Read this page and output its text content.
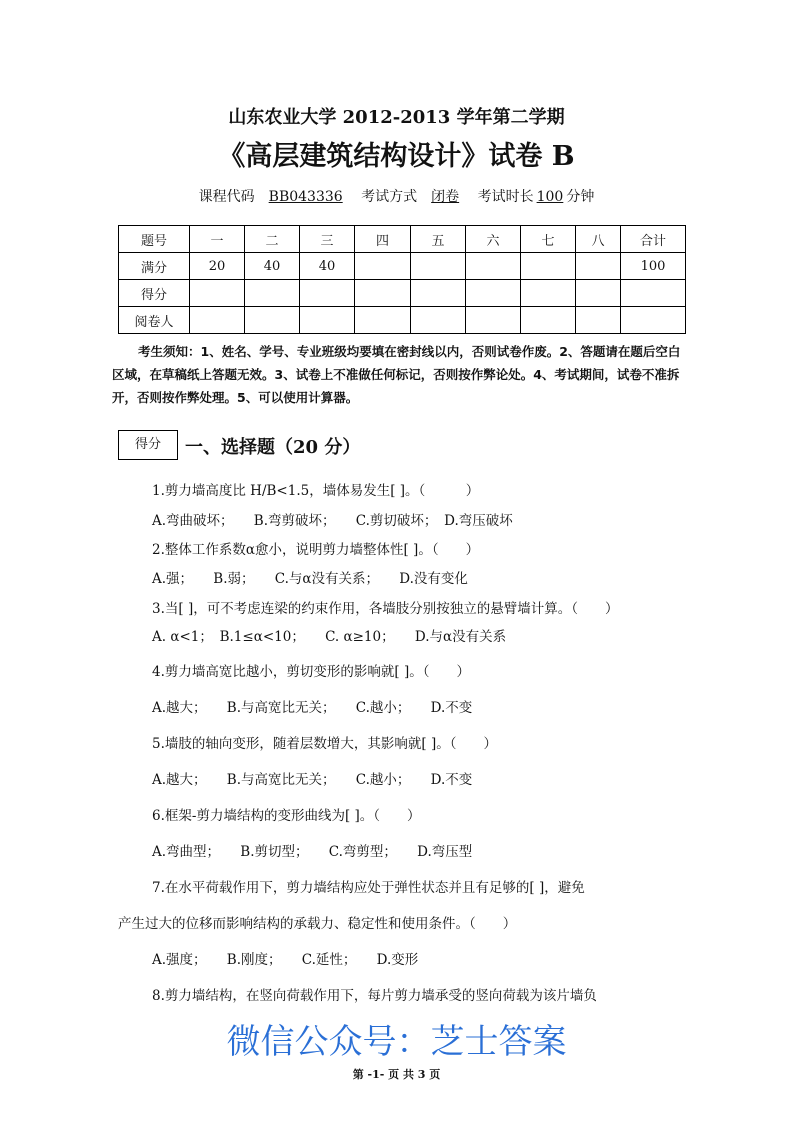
山东农业大学 2012-2013 学年第二学期
《高层建筑结构设计》试卷 B
课程代码 BB043336 考试方式 闭卷 考试时长 100 分钟
题号	一	二	三	四	五	六	七	八	合计
满分	20	40	40						100
得分									
阅卷人									
考生须知：1、姓名、学号、专业班级均要填在密封线以内，否则试卷作废。2、答题请在题后空白区域，在草稿纸上答题无效。3、试卷上不准做任何标记，否则按作弊论处。4、考试期间，试卷不准拆开，否则按作弊处理。5、可以使用计算器。
得分	一、选择题（20 分）
1.剪力墙高度比 H/B<1.5，墙体易发生[ ]。（　　　）
A.弯曲破坏；　　B.弯剪破坏；　　C.剪切破坏；　D.弯压破坏
2.整体工作系数α愈小，说明剪力墙整体性[ ]。（　　）
A.强；　　B.弱；　　C.与α没有关系；　　D.没有变化
3.当[ ]，可不考虑连梁的约束作用，各墙肢分别按独立的悬臂墙计算。（　　）
A. α<1；　B.1≤α<10；　　C. α≥10；　　D.与α没有关系
4.剪力墙高宽比越小，剪切变形的影响就[ ]。（　　）
A.越大；　　B.与高宽比无关；　　C.越小；　　D.不变
5.墙肢的轴向变形，随着层数增大，其影响就[ ]。（　　）
A.越大；　　B.与高宽比无关；　　C.越小；　　D.不变
6.框架-剪力墙结构的变形曲线为[ ]。（　　）
A.弯曲型；　　B.剪切型；　　C.弯剪型；　　D.弯压型
7.在水平荷载作用下，剪力墙结构应处于弹性状态并且有足够的[ ]，避免
产生过大的位移而影响结构的承载力、稳定性和使用条件。（　　）
A.强度；　　B.刚度；　　C.延性；　　D.变形
8.剪力墙结构，在竖向荷载作用下，每片剪力墙承受的竖向荷载为该片墙负
微信公众号：芝士答案
第 -1- 页 共 3 页
